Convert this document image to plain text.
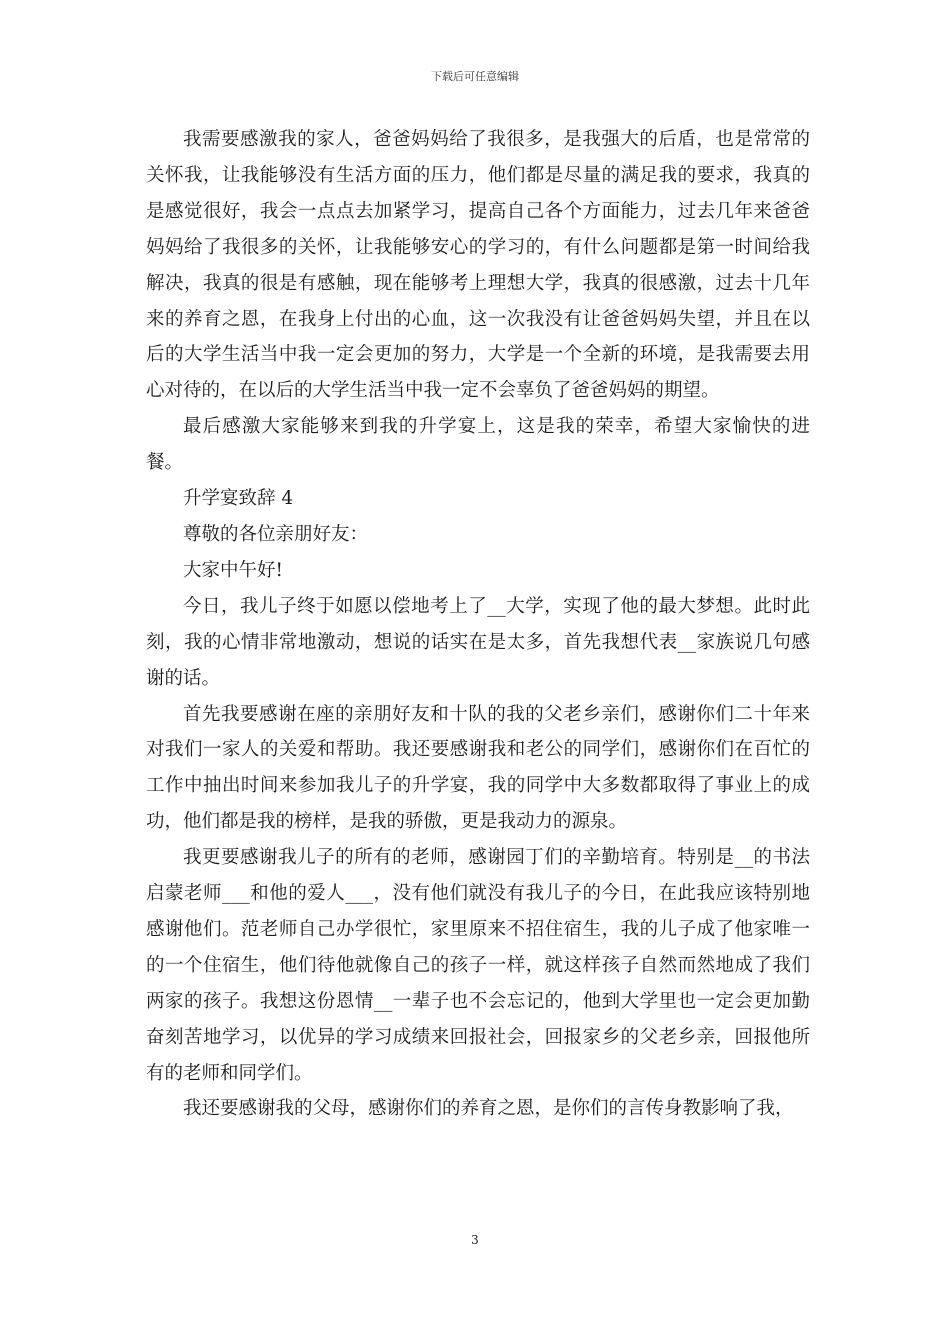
下载后可任意编辑

我需要感激我的家人，爸爸妈妈给了我很多，是我强大的后盾，也是常常的关怀我，让我能够没有生活方面的压力，他们都是尽量的满足我的要求，我真的是感觉很好，我会一点点去加紧学习，提高自己各个方面能力，过去几年来爸爸妈妈给了我很多的关怀，让我能够安心的学习的，有什么问题都是第一时间给我解决，我真的很是有感触，现在能够考上理想大学，我真的很感激，过去十几年来的养育之恩，在我身上付出的心血，这一次我没有让爸爸妈妈失望，并且在以后的大学生活当中我一定会更加的努力，大学是一个全新的环境，是我需要去用心对待的，在以后的大学生活当中我一定不会辜负了爸爸妈妈的期望。

最后感激大家能够来到我的升学宴上，这是我的荣幸，希望大家愉快的进餐。

升学宴致辞 4

尊敬的各位亲朋好友：

大家中午好!

今日，我儿子终于如愿以偿地考上了__大学，实现了他的最大梦想。此时此刻，我的心情非常地激动，想说的话实在是太多，首先我想代表__家族说几句感谢的话。

首先我要感谢在座的亲朋好友和十队的我的父老乡亲们，感谢你们二十年来对我们一家人的关爱和帮助。我还要感谢我和老公的同学们，感谢你们在百忙的工作中抽出时间来参加我儿子的升学宴，我的同学中大多数都取得了事业上的成功，他们都是我的榜样，是我的骄傲，更是我动力的源泉。

我更要感谢我儿子的所有的老师，感谢园丁们的辛勤培育。特别是__的书法启蒙老师___和他的爱人___，没有他们就没有我儿子的今日，在此我应该特别地感谢他们。范老师自己办学很忙，家里原来不招住宿生，我的儿子成了他家唯一的一个住宿生，他们待他就像自己的孩子一样，就这样孩子自然而然地成了我们两家的孩子。我想这份恩情__一辈子也不会忘记的，他到大学里也一定会更加勤奋刻苦地学习，以优异的学习成绩来回报社会，回报家乡的父老乡亲，回报他所有的老师和同学们。

我还要感谢我的父母，感谢你们的养育之恩，是你们的言传身教影响了我，

3
